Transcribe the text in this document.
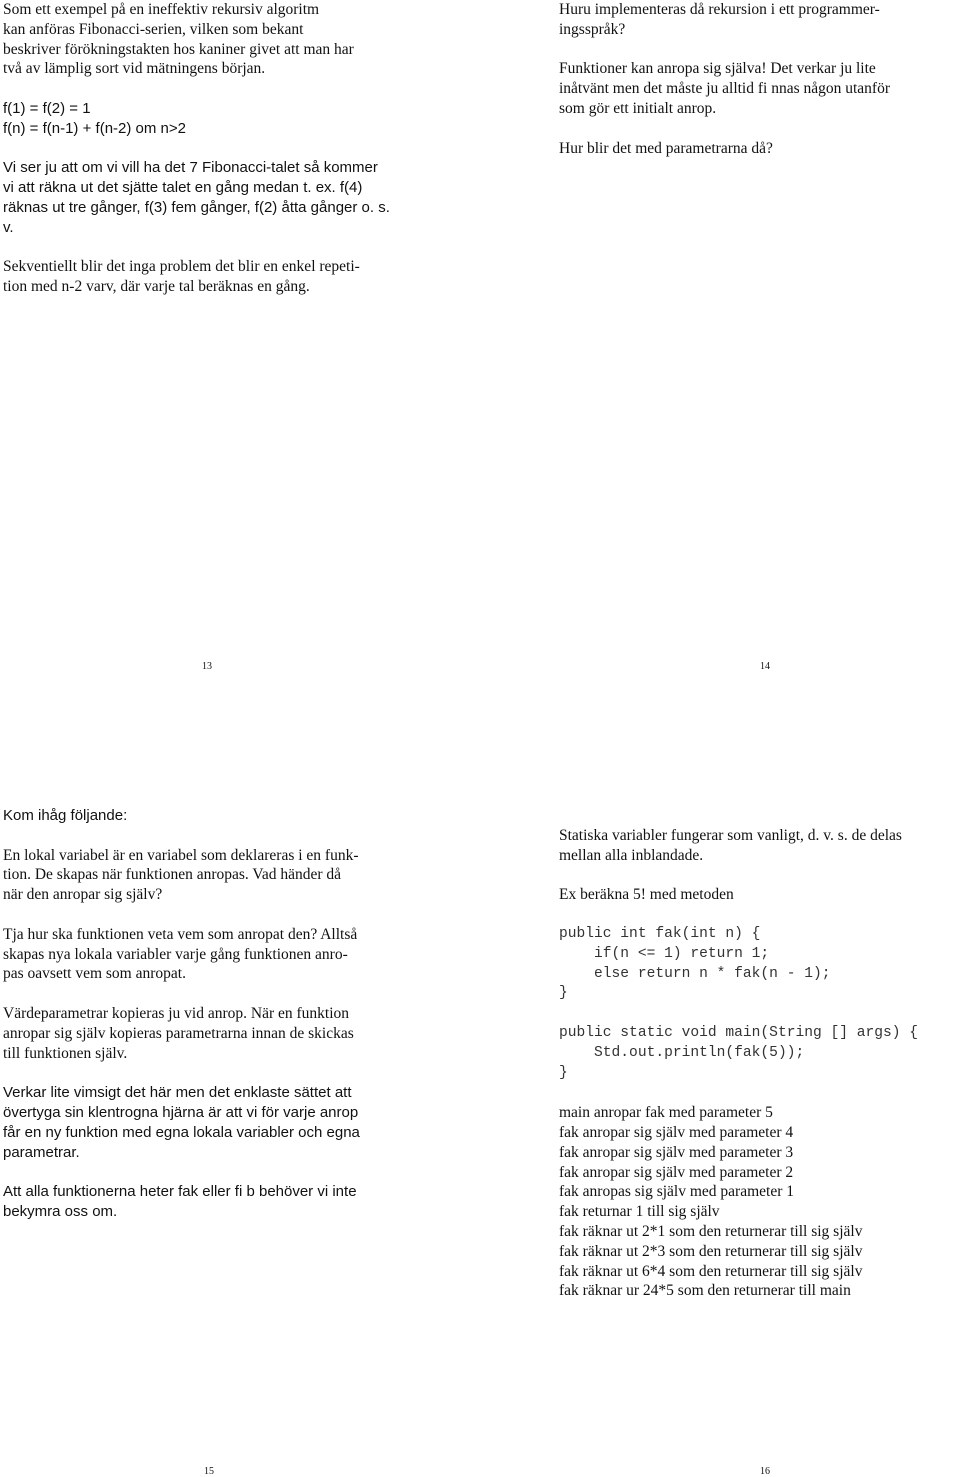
Som ett exempel på en ineffektiv rekursiv algoritm
kan anföras Fibonacci-serien, vilken som bekant
beskriver förökningstakten hos kaniner givet att man har
två av lämplig sort vid mätningens början.

f(1) = f(2) = 1
f(n) = f(n-1) + f(n-2) om n>2

Vi ser ju att om vi vill ha det 7 Fibonacci-talet så kommer
vi att räkna ut det sjätte talet en gång medan t. ex. f(4)
räknas ut tre gånger, f(3) fem gånger, f(2) åtta gånger o. s.
v.

Sekventiellt blir det inga problem det blir en enkel repeti-
tion med n-2 varv, där varje tal beräknas en gång.

13

Huru implementeras då rekursion i ett programmer-
ingsspråk?

Funktioner kan anropa sig själva! Det verkar ju lite
inåtvänt men det måste ju alltid fi nnas någon utanför
som gör ett initialt anrop.

Hur blir det med parametrarna då?

14

Kom ihåg följande:

En lokal variabel är en variabel som deklareras i en funk-
tion. De skapas när funktionen anropas. Vad händer då
när den anropar sig själv?

Tja hur ska funktionen veta vem som anropat den? Alltså
skapas nya lokala variabler varje gång funktionen anro-
pas oavsett vem som anropat.

Värdeparametrar kopieras ju vid anrop. När en funktion
anropar sig själv kopieras parametrarna innan de skickas
till funktionen själv.

Verkar lite vimsigt det här men det enklaste sättet att
övertyga sin klentrogna hjärna är att vi för varje anrop
får en ny funktion med egna lokala variabler och egna
parametrar.

Att alla funktionerna heter fak eller fi b behöver vi inte
bekymra oss om.

15

Statiska variabler fungerar som vanligt, d. v. s. de delas
mellan alla inblandade.

Ex beräkna 5! med metoden

public int fak(int n) {
if(n <= 1) return 1;
else return n * fak(n - 1);
}
public static void main(String [] args) {
Std.out.println(fak(5));
}

main anropar fak med parameter 5
fak anropar sig själv med parameter 4
fak anropar sig själv med parameter 3
fak anropar sig själv med parameter 2
fak anropas sig själv med parameter 1
fak returnar 1 till sig själv
fak räknar ut 2*1 som den returnerar till sig själv
fak räknar ut 2*3 som den returnerar till sig själv
fak räknar ut 6*4 som den returnerar till sig själv
fak räknar ur 24*5 som den returnerar till main

16
